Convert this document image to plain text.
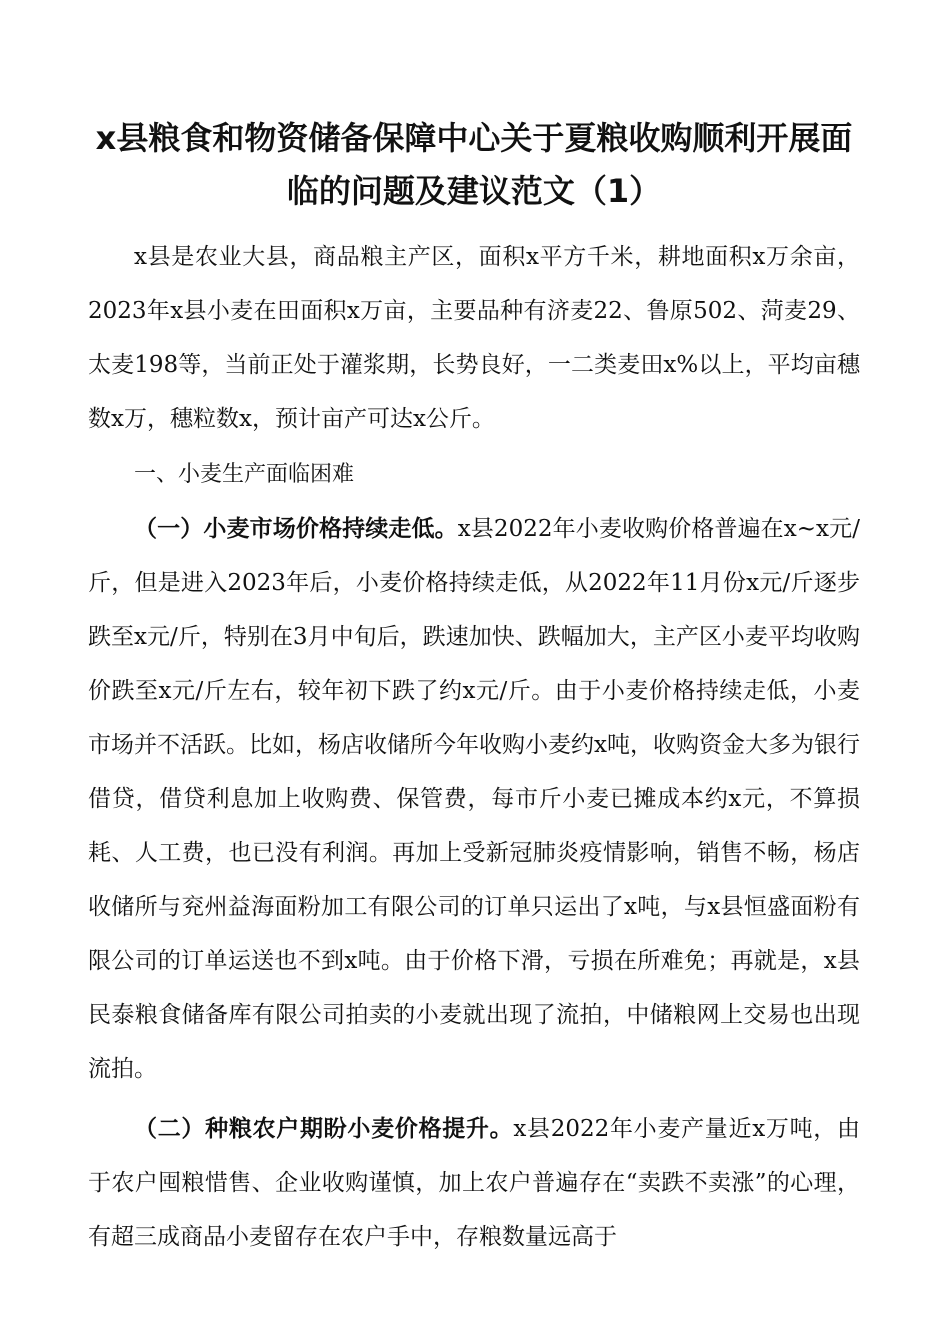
x县粮食和物资储备保障中心关于夏粮收购顺利开展面临的问题及建议范文（1）

x县是农业大县，商品粮主产区，面积x平方千米，耕地面积x万余亩，2023年x县小麦在田面积x万亩，主要品种有济麦22、鲁原502、菏麦29、太麦198等，当前正处于灌浆期，长势良好，一二类麦田x%以上，平均亩穗数x万，穗粒数x，预计亩产可达x公斤。

一、小麦生产面临困难

（一）小麦市场价格持续走低。x县2022年小麦收购价格普遍在x~x元/斤，但是进入2023年后，小麦价格持续走低，从2022年11月份x元/斤逐步跌至x元/斤，特别在3月中旬后，跌速加快、跌幅加大，主产区小麦平均收购价跌至x元/斤左右，较年初下跌了约x元/斤。由于小麦价格持续走低，小麦市场并不活跃。比如，杨店收储所今年收购小麦约x吨，收购资金大多为银行借贷，借贷利息加上收购费、保管费，每市斤小麦已摊成本约x元，不算损耗、人工费，也已没有利润。再加上受新冠肺炎疫情影响，销售不畅，杨店收储所与兖州益海面粉加工有限公司的订单只运出了x吨，与x县恒盛面粉有限公司的订单运送也不到x吨。由于价格下滑，亏损在所难免；再就是，x县民泰粮食储备库有限公司拍卖的小麦就出现了流拍，中储粮网上交易也出现流拍。

（二）种粮农户期盼小麦价格提升。x县2022年小麦产量近x万吨，由于农户囤粮惜售、企业收购谨慎，加上农户普遍存在“卖跌不卖涨”的心理，有超三成商品小麦留存在农户手中，存粮数量远高于
